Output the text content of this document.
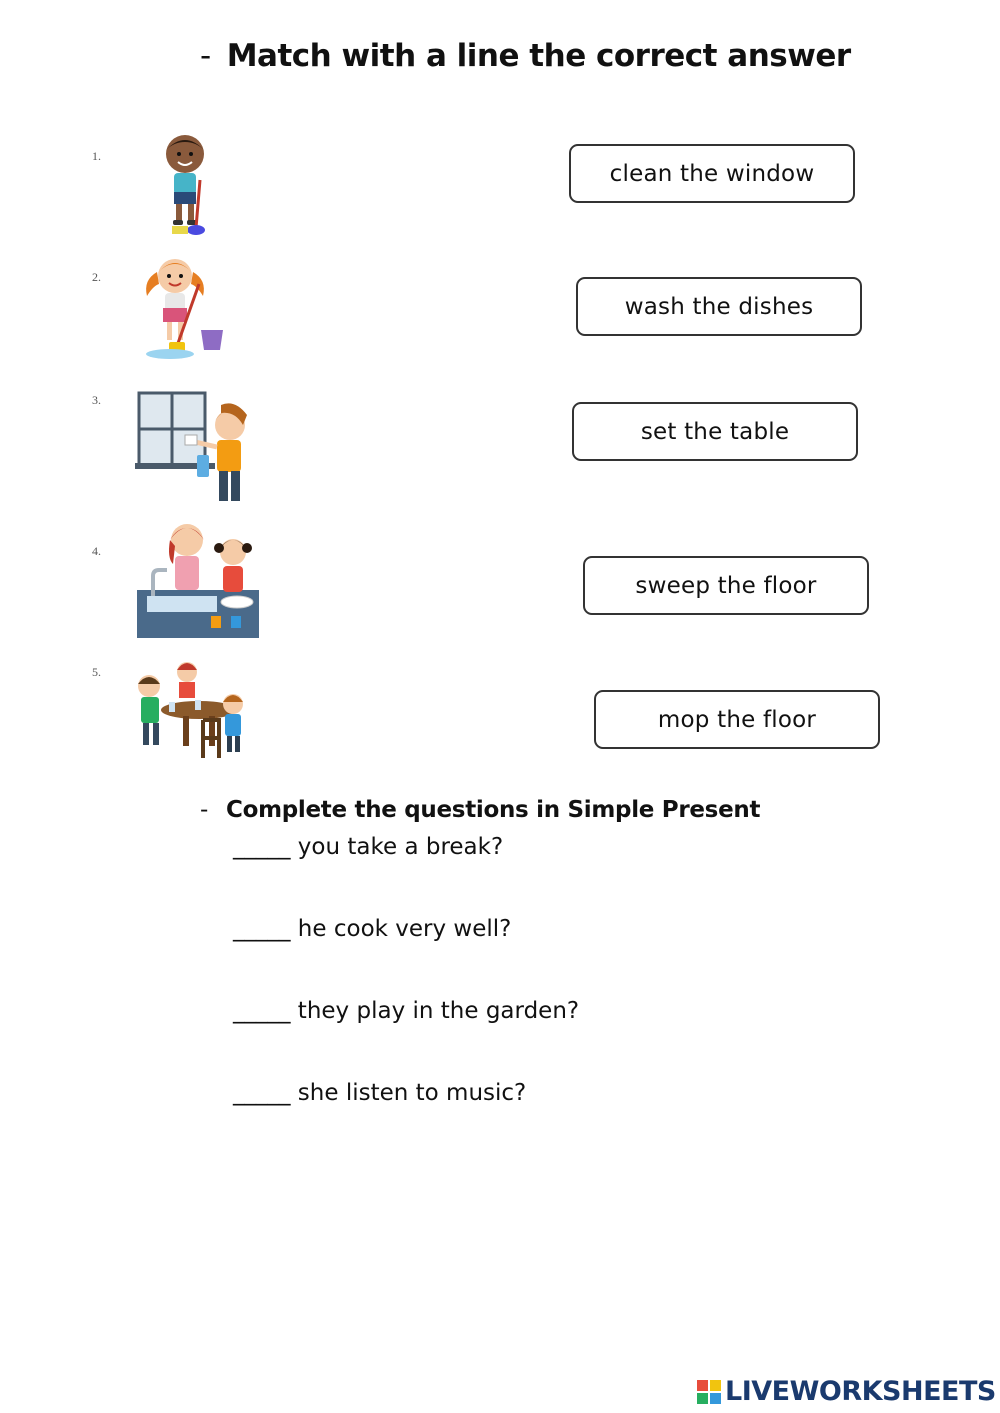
- Match with a line the correct answer
1.
2.
3.
4.
5.
clean the window
wash the dishes
set the table
sweep the floor
mop the floor
- Complete the questions in Simple Present
_____ you take a break?
_____ he cook very well?
_____ they play in the garden?
_____ she listen to music?
LIVEWORKSHEETS
